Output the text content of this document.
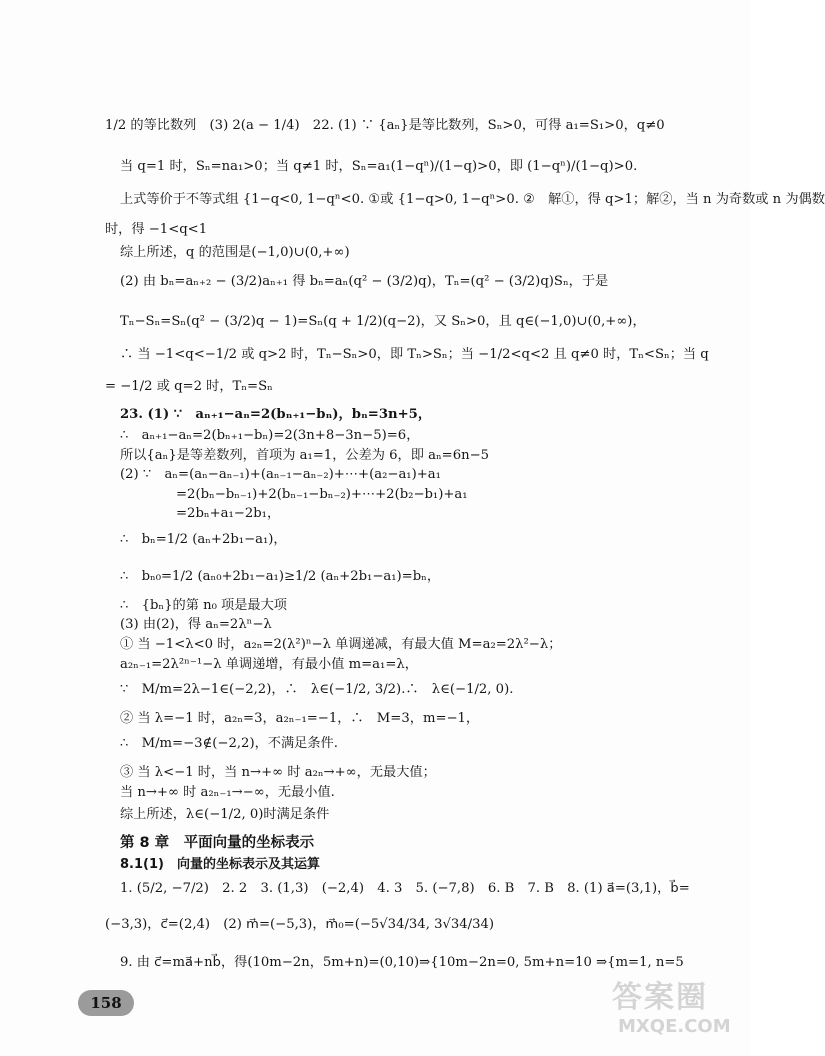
1/2 的等比数列　(3) 2(a − 1/4)　22. (1) ∵ {aₙ}是等比数列，Sₙ>0，可得 a₁=S₁>0，q≠0
当 q=1 时，Sₙ=na₁>0；当 q≠1 时，Sₙ=a₁(1−qⁿ)/(1−q)>0，即 (1−qⁿ)/(1−q)>0.
上式等价于不等式组 {1−q<0, 1−qⁿ<0. ①或 {1−q>0, 1−qⁿ>0. ②　解①，得 q>1；解②，当 n 为奇数或 n 为偶数
时，得 −1<q<1
综上所述，q 的范围是(−1,0)∪(0,+∞)
(2) 由 bₙ=aₙ₊₂ − (3/2)aₙ₊₁ 得 bₙ=aₙ(q² − (3/2)q)，Tₙ=(q² − (3/2)q)Sₙ，于是
Tₙ−Sₙ=Sₙ(q² − (3/2)q − 1)=Sₙ(q + 1/2)(q−2)，又 Sₙ>0，且 q∈(−1,0)∪(0,+∞)，
∴ 当 −1<q<−1/2 或 q>2 时，Tₙ−Sₙ>0，即 Tₙ>Sₙ；当 −1/2<q<2 且 q≠0 时，Tₙ<Sₙ；当 q
= −1/2 或 q=2 时，Tₙ=Sₙ
23. (1) ∵　aₙ₊₁−aₙ=2(bₙ₊₁−bₙ)，bₙ=3n+5，
∴　aₙ₊₁−aₙ=2(bₙ₊₁−bₙ)=2(3n+8−3n−5)=6，
所以{aₙ}是等差数列，首项为 a₁=1，公差为 6，即 aₙ=6n−5
(2) ∵　aₙ=(aₙ−aₙ₋₁)+(aₙ₋₁−aₙ₋₂)+⋯+(a₂−a₁)+a₁
=2(bₙ−bₙ₋₁)+2(bₙ₋₁−bₙ₋₂)+⋯+2(b₂−b₁)+a₁
=2bₙ+a₁−2b₁，
∴　bₙ=1/2 (aₙ+2b₁−a₁)，
∴　bₙ₀=1/2 (aₙ₀+2b₁−a₁)≥1/2 (aₙ+2b₁−a₁)=bₙ，
∴　{bₙ}的第 n₀ 项是最大项
(3) 由(2)，得 aₙ=2λⁿ−λ
① 当 −1<λ<0 时，a₂ₙ=2(λ²)ⁿ−λ 单调递减，有最大值 M=a₂=2λ²−λ；
a₂ₙ₋₁=2λ²ⁿ⁻¹−λ 单调递增，有最小值 m=a₁=λ，
∵　M/m=2λ−1∈(−2,2)，∴　λ∈(−1/2, 3/2).∴　λ∈(−1/2, 0).
② 当 λ=−1 时，a₂ₙ=3，a₂ₙ₋₁=−1，∴　M=3，m=−1，
∴　M/m=−3∉(−2,2)，不满足条件.
③ 当 λ<−1 时，当 n→+∞ 时 a₂ₙ→+∞，无最大值；
当 n→+∞ 时 a₂ₙ₋₁→−∞，无最小值.
综上所述，λ∈(−1/2, 0)时满足条件
第 8 章　平面向量的坐标表示
8.1(1)　向量的坐标表示及其运算
1. (5/2, −7/2)　2. 2　3. (1,3)　(−2,4)　4. 3　5. (−7,8)　6. B　7. B　8. (1) a⃗=(3,1)，b⃗=
(−3,3)，c⃗=(2,4)　(2) m⃗=(−5,3)，m⃗₀=(−5√34/34, 3√34/34)
9. 由 c⃗=ma⃗+nb⃗，得(10m−2n，5m+n)=(0,10)⇒{10m−2n=0, 5m+n=10 ⇒{m=1, n=5
158	答案圈
MXQE.COM
